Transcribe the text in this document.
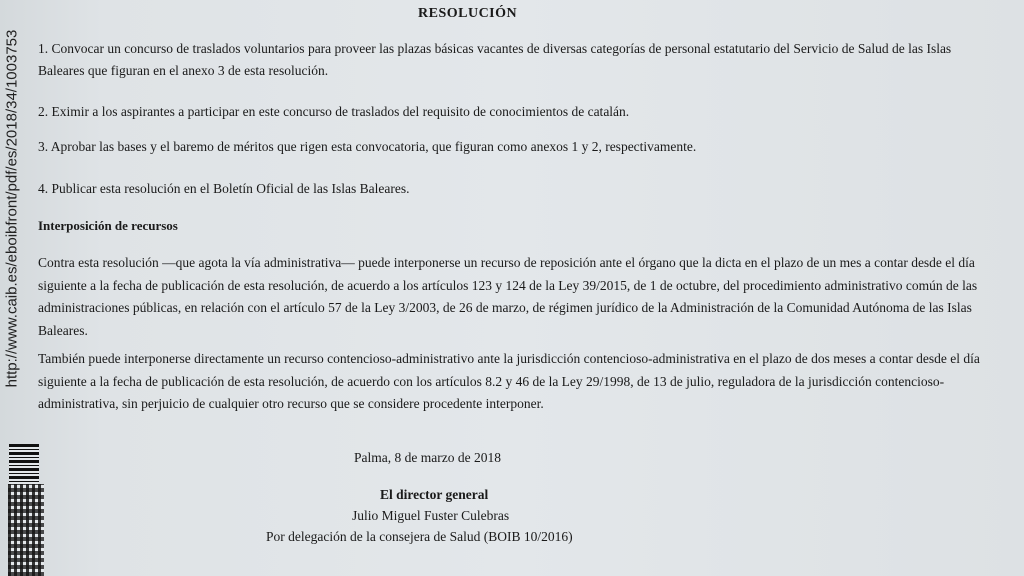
http://www.caib.es/eboibfront/pdf/es/2018/34/1003753
RESOLUCIÓN

1. Convocar un concurso de traslados voluntarios para proveer las plazas básicas vacantes de diversas categorías de personal estatutario del Servicio de Salud de las Islas Baleares que figuran en el anexo 3 de esta resolución.

2. Eximir a los aspirantes a participar en este concurso de traslados del requisito de conocimientos de catalán.

3. Aprobar las bases y el baremo de méritos que rigen esta convocatoria, que figuran como anexos 1 y 2, respectivamente.

4. Publicar esta resolución en el Boletín Oficial de las Islas Baleares.

Interposición de recursos

Contra esta resolución —que agota la vía administrativa— puede interponerse un recurso de reposición ante el órgano que la dicta en el plazo de un mes a contar desde el día siguiente a la fecha de publicación de esta resolución, de acuerdo a los artículos 123 y 124 de la Ley 39/2015, de 1 de octubre, del procedimiento administrativo común de las administraciones públicas, en relación con el artículo 57 de la Ley 3/2003, de 26 de marzo, de régimen jurídico de la Administración de la Comunidad Autónoma de las Islas Baleares.

También puede interponerse directamente un recurso contencioso-administrativo ante la jurisdicción contencioso-administrativa en el plazo de dos meses a contar desde el día siguiente a la fecha de publicación de esta resolución, de acuerdo con los artículos 8.2 y 46 de la Ley 29/1998, de 13 de julio, reguladora de la jurisdicción contencioso-administrativa, sin perjuicio de cualquier otro recurso que se considere procedente interponer.

Palma, 8 de marzo de 2018
El director general
Julio Miguel Fuster Culebras
Por delegación de la consejera de Salud (BOIB 10/2016)
